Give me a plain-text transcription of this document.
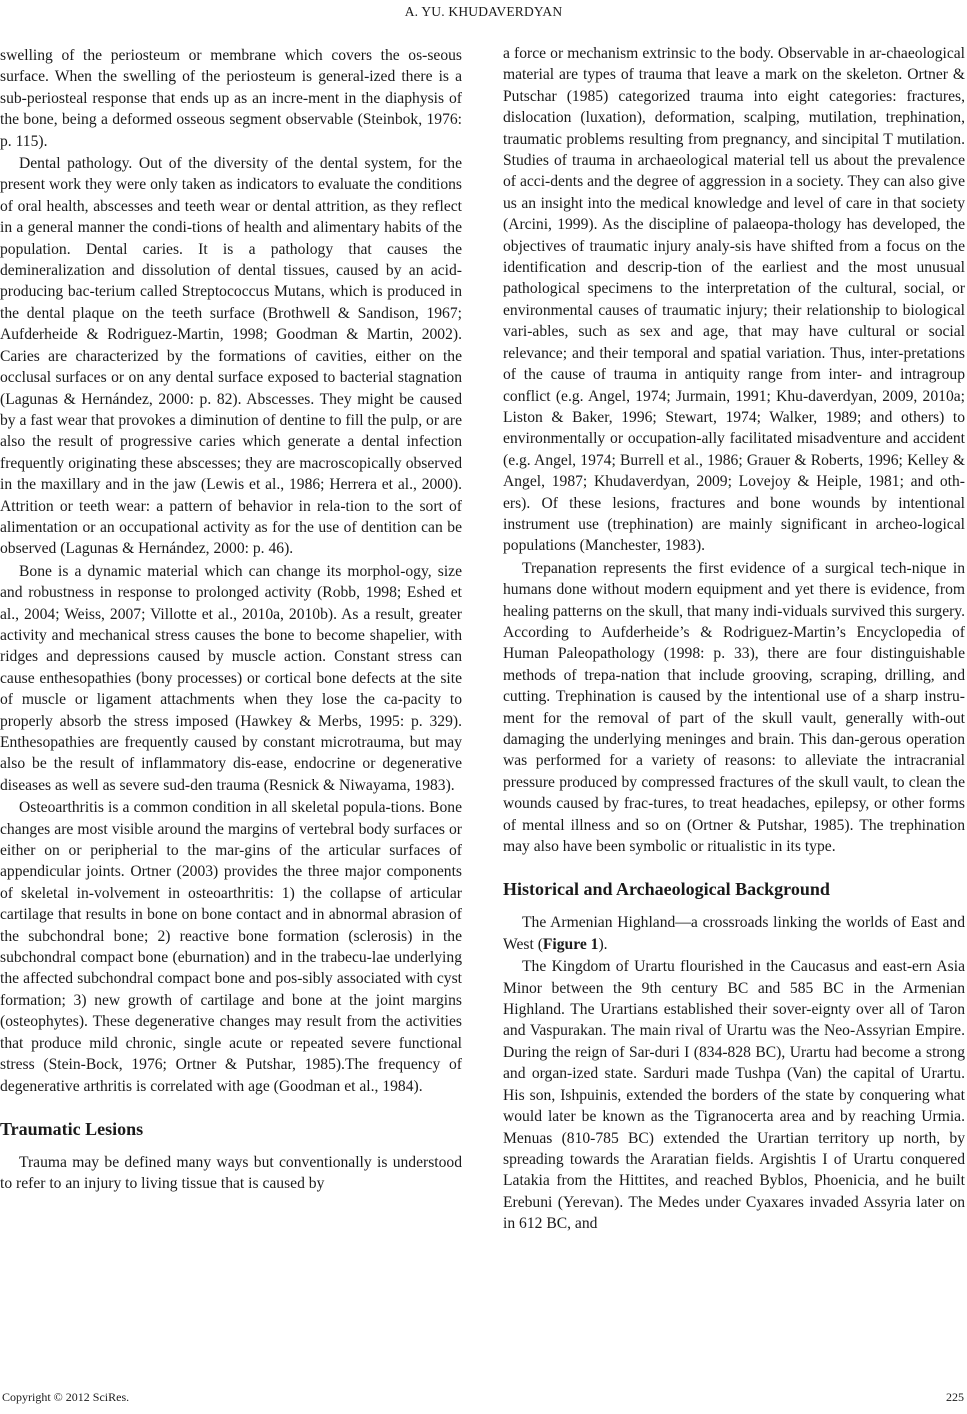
A. YU. KHUDAVERDYAN

swelling of the periosteum or membrane which covers the os-seous surface. When the swelling of the periosteum is general-ized there is a sub-periosteal response that ends up as an incre-ment in the diaphysis of the bone, being a deformed osseous segment observable (Steinbok, 1976: p. 115).

Dental pathology. Out of the diversity of the dental system, for the present work they were only taken as indicators to evaluate the conditions of oral health, abscesses and teeth wear or dental attrition, as they reflect in a general manner the condi-tions of health and alimentary habits of the population. Dental caries. It is a pathology that causes the demineralization and dissolution of dental tissues, caused by an acid-producing bac-terium called Streptococcus Mutans, which is produced in the dental plaque on the teeth surface (Brothwell & Sandison, 1967; Aufderheide & Rodriguez-Martin, 1998; Goodman & Martin, 2002). Caries are characterized by the formations of cavities, either on the occlusal surfaces or on any dental surface exposed to bacterial stagnation (Lagunas & Hernández, 2000: p. 82). Abscesses. They might be caused by a fast wear that provokes a diminution of dentine to fill the pulp, or are also the result of progressive caries which generate a dental infection frequently originating these abscesses; they are macroscopically observed in the maxillary and in the jaw (Lewis et al., 1986; Herrera et al., 2000). Attrition or teeth wear: a pattern of behavior in rela-tion to the sort of alimentation or an occupational activity as for the use of dentition can be observed (Lagunas & Hernández, 2000: p. 46).

Bone is a dynamic material which can change its morphol-ogy, size and robustness in response to prolonged activity (Robb, 1998; Eshed et al., 2004; Weiss, 2007; Villotte et al., 2010a, 2010b). As a result, greater activity and mechanical stress causes the bone to become shapelier, with ridges and depressions caused by muscle action. Constant stress can cause enthesopathies (bony processes) or cortical bone defects at the site of muscle or ligament attachments when they lose the ca-pacity to properly absorb the stress imposed (Hawkey & Merbs, 1995: p. 329). Enthesopathies are frequently caused by constant microtrauma, but may also be the result of inflammatory dis-ease, endocrine or degenerative diseases as well as severe sud-den trauma (Resnick & Niwayama, 1983).

Osteoarthritis is a common condition in all skeletal popula-tions. Bone changes are most visible around the margins of vertebral body surfaces or either on or peripherial to the mar-gins of the articular surfaces of appendicular joints. Ortner (2003) provides the three major components of skeletal in-volvement in osteoarthritis: 1) the collapse of articular cartilage that results in bone on bone contact and in abnormal abrasion of the subchondral bone; 2) reactive bone formation (sclerosis) in the subchondral compact bone (eburnation) and in the trabecu-lae underlying the affected subchondral compact bone and pos-sibly associated with cyst formation; 3) new growth of cartilage and bone at the joint margins (osteophytes). These degenerative changes may result from the activities that produce mild chronic, single acute or repeated severe functional stress (Stein-Bock, 1976; Ortner & Putshar, 1985).The frequency of degenerative arthritis is correlated with age (Goodman et al., 1984).

Traumatic Lesions

Trauma may be defined many ways but conventionally is understood to refer to an injury to living tissue that is caused by

a force or mechanism extrinsic to the body. Observable in ar-chaeological material are types of trauma that leave a mark on the skeleton. Ortner & Putschar (1985) categorized trauma into eight categories: fractures, dislocation (luxation), deformation, scalping, mutilation, trephination, traumatic problems resulting from pregnancy, and sincipital T mutilation. Studies of trauma in archaeological material tell us about the prevalence of acci-dents and the degree of aggression in a society. They can also give us an insight into the medical knowledge and level of care in that society (Arcini, 1999). As the discipline of palaeopa-thology has developed, the objectives of traumatic injury analy-sis have shifted from a focus on the identification and descrip-tion of the earliest and the most unusual pathological specimens to the interpretation of the cultural, social, or environmental causes of traumatic injury; their relationship to biological vari-ables, such as sex and age, that may have cultural or social relevance; and their temporal and spatial variation. Thus, inter-pretations of the cause of trauma in antiquity range from inter- and intragroup conflict (e.g. Angel, 1974; Jurmain, 1991; Khu-daverdyan, 2009, 2010a; Liston & Baker, 1996; Stewart, 1974; Walker, 1989; and others) to environmentally or occupation-ally facilitated misadventure and accident (e.g. Angel, 1974; Burrell et al., 1986; Grauer & Roberts, 1996; Kelley & Angel, 1987; Khudaverdyan, 2009; Lovejoy & Heiple, 1981; and oth-ers). Of these lesions, fractures and bone wounds by intentional instrument use (trephination) are mainly significant in archeo-logical populations (Manchester, 1983).

Trepanation represents the first evidence of a surgical tech-nique in humans done without modern equipment and yet there is evidence, from healing patterns on the skull, that many indi-viduals survived this surgery. According to Aufderheide’s & Rodriguez-Martin’s Encyclopedia of Human Paleopathology (1998: p. 33), there are four distinguishable methods of trepa-nation that include grooving, scraping, drilling, and cutting. Trephination is caused by the intentional use of a sharp instru-ment for the removal of part of the skull vault, generally with-out damaging the underlying meninges and brain. This dan-gerous operation was performed for a variety of reasons: to alleviate the intracranial pressure produced by compressed fractures of the skull vault, to clean the wounds caused by frac-tures, to treat headaches, epilepsy, or other forms of mental illness and so on (Ortner & Putshar, 1985). The trephination may also have been symbolic or ritualistic in its type.

Historical and Archaeological Background

The Armenian Highland—a crossroads linking the worlds of East and West (Figure 1).

The Kingdom of Urartu flourished in the Caucasus and east-ern Asia Minor between the 9th century BC and 585 BC in the Armenian Highland. The Urartians established their sover-eignty over all of Taron and Vaspurakan. The main rival of Urartu was the Neo-Assyrian Empire. During the reign of Sar-duri I (834-828 BC), Urartu had become a strong and organ-ized state. Sarduri made Tushpa (Van) the capital of Urartu. His son, Ishpuinis, extended the borders of the state by conquering what would later be known as the Tigranocerta area and by reaching Urmia. Menuas (810-785 BC) extended the Urartian territory up north, by spreading towards the Araratian fields. Argishtis I of Urartu conquered Latakia from the Hittites, and reached Byblos, Phoenicia, and he built Erebuni (Yerevan). The Medes under Cyaxares invaded Assyria later on in 612 BC, and

Copyright © 2012 SciRes.	225
